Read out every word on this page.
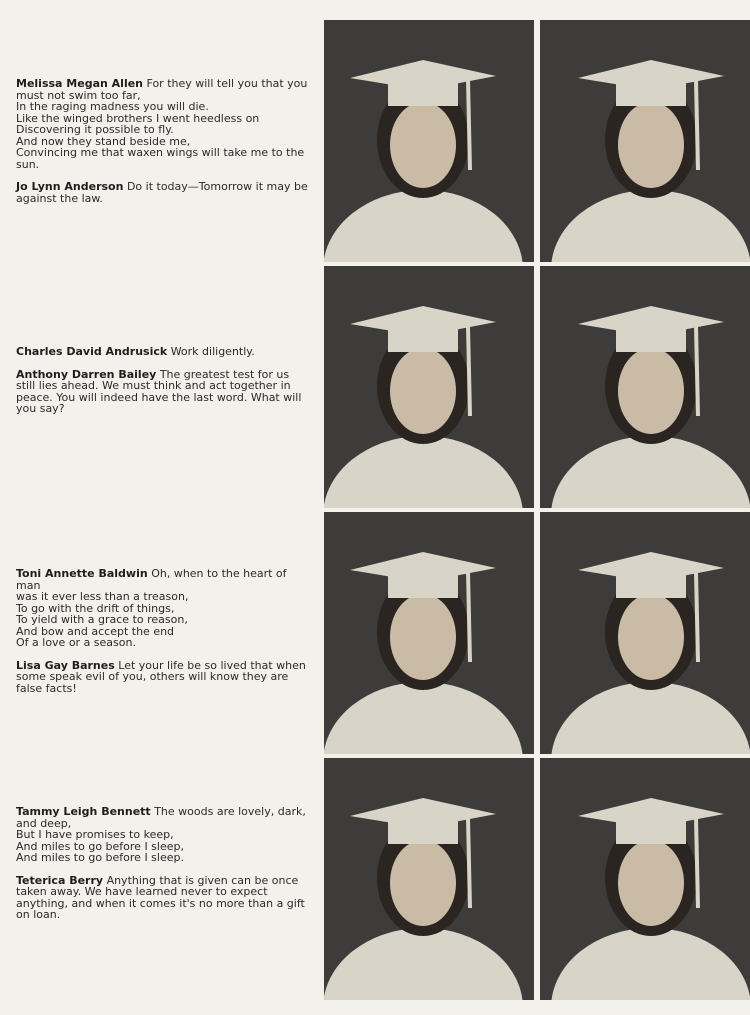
Melissa Megan Allen For they will tell you that you must not swim too far,
In the raging madness you will die.
Like the winged brothers I went heedless on
Discovering it possible to fly.
And now they stand beside me,
Convincing me that waxen wings will take me to the sun.

Jo Lynn Anderson Do it today—Tomorrow it may be against the law.

Charles David Andrusick Work diligently.

Anthony Darren Bailey The greatest test for us still lies ahead. We must think and act together in peace. You will indeed have the last word. What will you say?

Toni Annette Baldwin Oh, when to the heart of man
was it ever less than a treason,
To go with the drift of things,
To yield with a grace to reason,
And bow and accept the end
Of a love or a season.

Lisa Gay Barnes Let your life be so lived that when some speak evil of you, others will know they are false facts!

Tammy Leigh Bennett The woods are lovely, dark, and deep,
But I have promises to keep,
And miles to go before I sleep,
And miles to go before I sleep.

Teterica Berry Anything that is given can be once taken away. We have learned never to expect anything, and when it comes it's no more than a gift on loan.
